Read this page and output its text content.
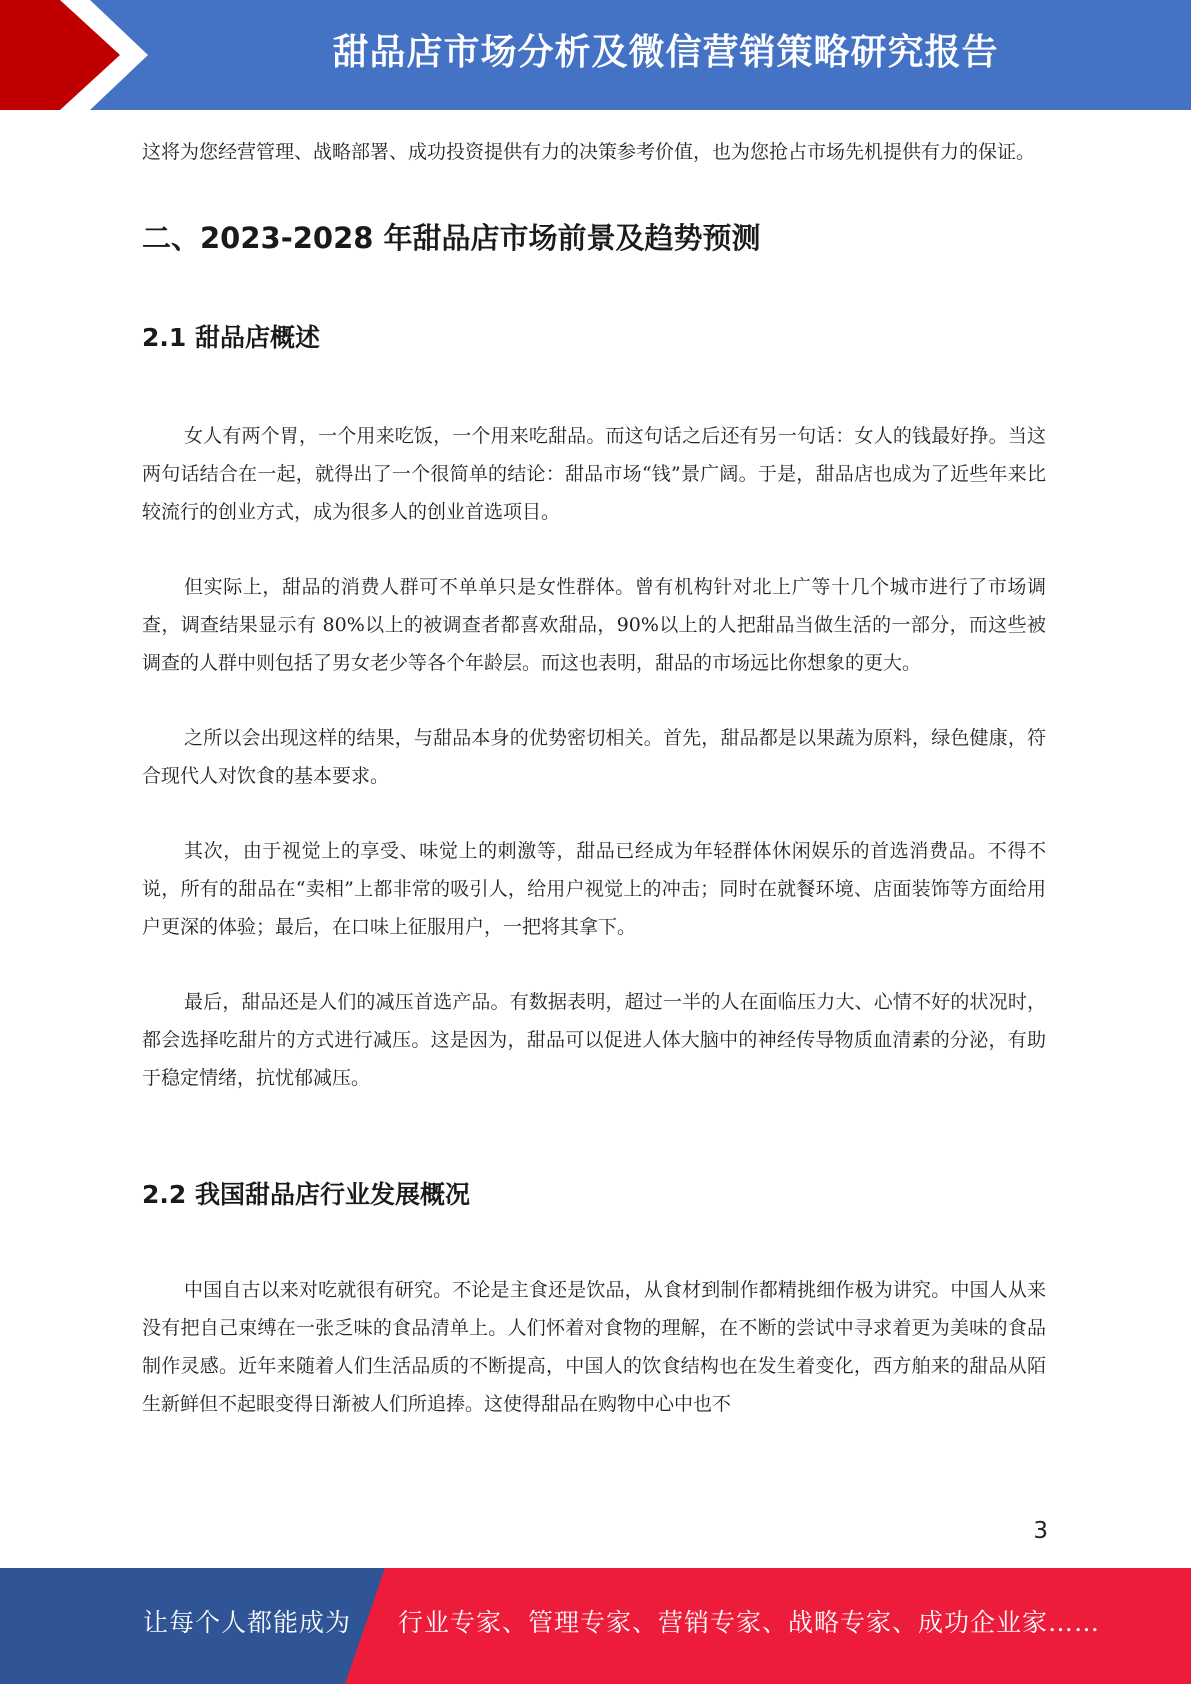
甜品店市场分析及微信营销策略研究报告

这将为您经营管理、战略部署、成功投资提供有力的决策参考价值，也为您抢占市场先机提供有力的保证。

二、2023-2028 年甜品店市场前景及趋势预测
2.1 甜品店概述

女人有两个胃，一个用来吃饭，一个用来吃甜品。而这句话之后还有另一句话：女人的钱最好挣。当这两句话结合在一起，就得出了一个很简单的结论：甜品市场“钱”景广阔。于是，甜品店也成为了近些年来比较流行的创业方式，成为很多人的创业首选项目。

但实际上，甜品的消费人群可不单单只是女性群体。曾有机构针对北上广等十几个城市进行了市场调查，调查结果显示有 80%以上的被调查者都喜欢甜品，90%以上的人把甜品当做生活的一部分，而这些被调查的人群中则包括了男女老少等各个年龄层。而这也表明，甜品的市场远比你想象的更大。

之所以会出现这样的结果，与甜品本身的优势密切相关。首先，甜品都是以果蔬为原料，绿色健康，符合现代人对饮食的基本要求。

其次，由于视觉上的享受、味觉上的刺激等，甜品已经成为年轻群体休闲娱乐的首选消费品。不得不说，所有的甜品在“卖相”上都非常的吸引人，给用户视觉上的冲击；同时在就餐环境、店面装饰等方面给用户更深的体验；最后，在口味上征服用户，一把将其拿下。

最后，甜品还是人们的减压首选产品。有数据表明，超过一半的人在面临压力大、心情不好的状况时，都会选择吃甜片的方式进行减压。这是因为，甜品可以促进人体大脑中的神经传导物质血清素的分泌，有助于稳定情绪，抗忧郁减压。

2.2 我国甜品店行业发展概况

中国自古以来对吃就很有研究。不论是主食还是饮品，从食材到制作都精挑细作极为讲究。中国人从来没有把自己束缚在一张乏味的食品清单上。人们怀着对食物的理解，在不断的尝试中寻求着更为美味的食品制作灵感。近年来随着人们生活品质的不断提高，中国人的饮食结构也在发生着变化，西方舶来的甜品从陌生新鲜但不起眼变得日渐被人们所追捧。这使得甜品在购物中心中也不

3
让每个人都能成为 行业专家、管理专家、营销专家、战略专家、成功企业家……
